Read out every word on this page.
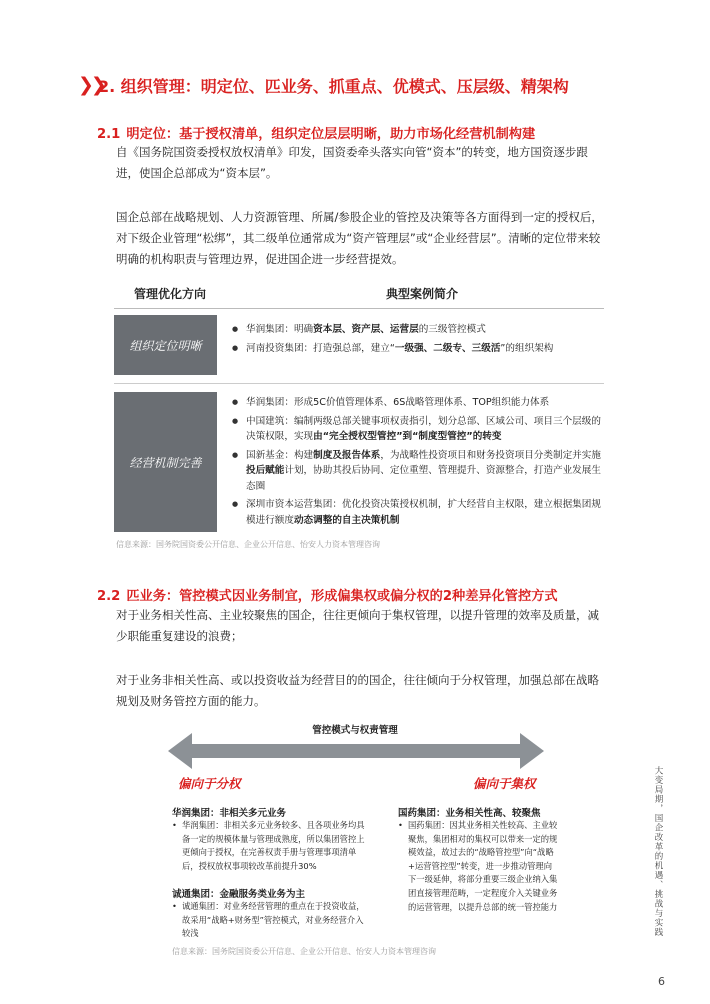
❯❯
2. 组织管理：明定位、匹业务、抓重点、优模式、压层级、精架构
2.1 明定位：基于授权清单，组织定位层层明晰，助力市场化经营机制构建
自《国务院国资委授权放权清单》印发，国资委牵头落实向管“资本”的转变，地方国资逐步跟进，使国企总部成为“资本层”。
国企总部在战略规划、人力资源管理、所属/参股企业的管控及决策等各方面得到一定的授权后，对下级企业管理“松绑”，其二级单位通常成为“资产管理层”或“企业经营层”。清晰的定位带来较明确的机构职责与管理边界，促进国企进一步经营提效。
管理优化方向	典型案例简介
组织定位明晰
● 华润集团：明确资本层、资产层、运营层的三级管控模式
● 河南投资集团：打造强总部，建立“一级强、二级专、三级活”的组织架构
经营机制完善
● 华润集团：形成5C价值管理体系、6S战略管理体系、TOP组织能力体系
● 中国建筑：编制两级总部关键事项权责指引，划分总部、区域公司、项目三个层级的决策权限，实现由“完全授权型管控”到“制度型管控”的转变
● 国新基金：构建制度及报告体系，为战略性投资项目和财务投资项目分类制定并实施投后赋能计划，协助其投后协同、定位重塑、管理提升、资源整合，打造产业发展生态圈
● 深圳市资本运营集团：优化投资决策授权机制，扩大经营自主权限，建立根据集团规模进行额度动态调整的自主决策机制
信息来源：国务院国资委公开信息、企业公开信息、怡安人力资本管理咨询
2.2 匹业务：管控模式因业务制宜，形成偏集权或偏分权的2种差异化管控方式
对于业务相关性高、主业较聚焦的国企，往往更倾向于集权管理，以提升管理的效率及质量，减少职能重复建设的浪费；
对于业务非相关性高、或以投资收益为经营目的的国企，往往倾向于分权管理，加强总部在战略规划及财务管控方面的能力。
管控模式与权责管理
偏向于分权	偏向于集权
华润集团：非相关多元业务
• 华润集团：非相关多元业务较多、且各项业务均具备一定的规模体量与管理成熟度，所以集团管控上更倾向于授权，在完善权责手册与管理事项清单后，授权放权事项较改革前提升30%
诚通集团：金融服务类业务为主
• 诚通集团：对业务经营管理的重点在于投资收益，故采用“战略+财务型”管控模式，对业务经营介入较浅
国药集团：业务相关性高、较聚焦
• 国药集团：因其业务相关性较高、主业较聚焦，集团相对的集权可以带来一定的规模效益，故过去的“战略管控型”向“战略+运营管控型”转变，进一步推动管理向下一级延伸，将部分重要三级企业纳入集团直接管理范畴，一定程度介入关键业务的运营管理，以提升总部的统一管控能力
信息来源：国务院国资委公开信息、企业公开信息、怡安人力资本管理咨询
大变局期，国企改革的机遇、挑战与实践
6
